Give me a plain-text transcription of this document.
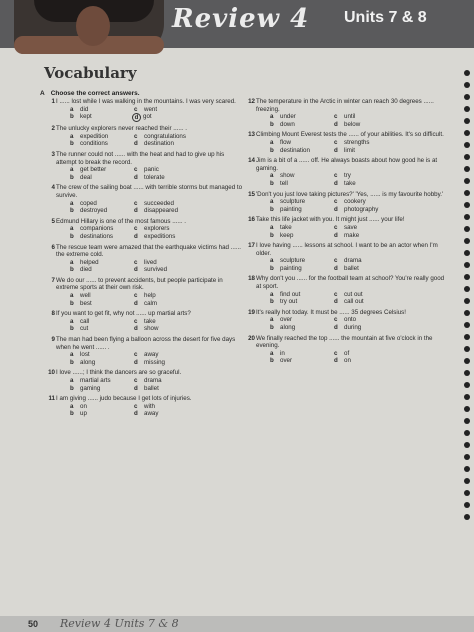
Review 4 Units 7 & 8
Vocabulary
A Choose the correct answers.
1 I ...... lost while I was walking in the mountains. I was very scared.
a	did	c	went
b	kept	d got
2 The unlucky explorers never reached their ...... .
a	expedition	c	congratulations
b	conditions	d	destination
3 The runner could not ...... with the heat and had to give up his attempt to break the record.
a	get better	c	panic
b	deal	d	tolerate
4 The crew of the sailing boat ...... with terrible storms but managed to survive.
a	coped	c	succeeded
b	destroyed	d	disappeared
5 Edmund Hillary is one of the most famous ...... .
a	companions	c	explorers
b	destinations	d	expeditions
6 The rescue team were amazed that the earthquake victims had ...... the extreme cold.
a	helped	c	lived
b	died	d	survived
7 We do our ...... to prevent accidents, but people participate in extreme sports at their own risk.
a	well	c	help
b	best	d	calm
8 If you want to get fit, why not ...... up martial arts?
a	call	c	take
b	cut	d	show
9 The man had been flying a balloon across the desert for five days when he went ...... .
a	lost	c	away
b	along	d	missing
10 I love ......; I think the dancers are so graceful.
a	martial arts	c	drama
b	gaming	d	ballet
11 I am giving ...... judo because I get lots of injuries.
a	on	c	with
b	up	d	away
12 The temperature in the Arctic in winter can reach 30 degrees ...... freezing.
a	under	c	until
b	down	d	below
13 Climbing Mount Everest tests the ...... of your abilities. It's so difficult.
a	flow	c	strengths
b	destination	d	limit
14 Jim is a bit of a ...... off. He always boasts about how good he is at gaming.
a	show	c	try
b	tell	d	take
15 'Don't you just love taking pictures?' 'Yes, ...... is my favourite hobby.'
a	sculpture	c	cookery
b	painting	d	photography
16 Take this life jacket with you. It might just ...... your life!
a	take	c	save
b	keep	d	make
17 I love having ...... lessons at school. I want to be an actor when I'm older.
a	sculpture	c	drama
b	painting	d	ballet
18 Why don't you ...... for the football team at school? You're really good at sport.
a	find out	c	cut out
b	try out	d	call out
19 It's really hot today. It must be ...... 35 degrees Celsius!
a	over	c	onto
b	along	d	during
20 We finally reached the top ...... the mountain at five o'clock in the evening.
a	in	c	of
b	over	d	on
50 Review 4 Units 7 & 8
